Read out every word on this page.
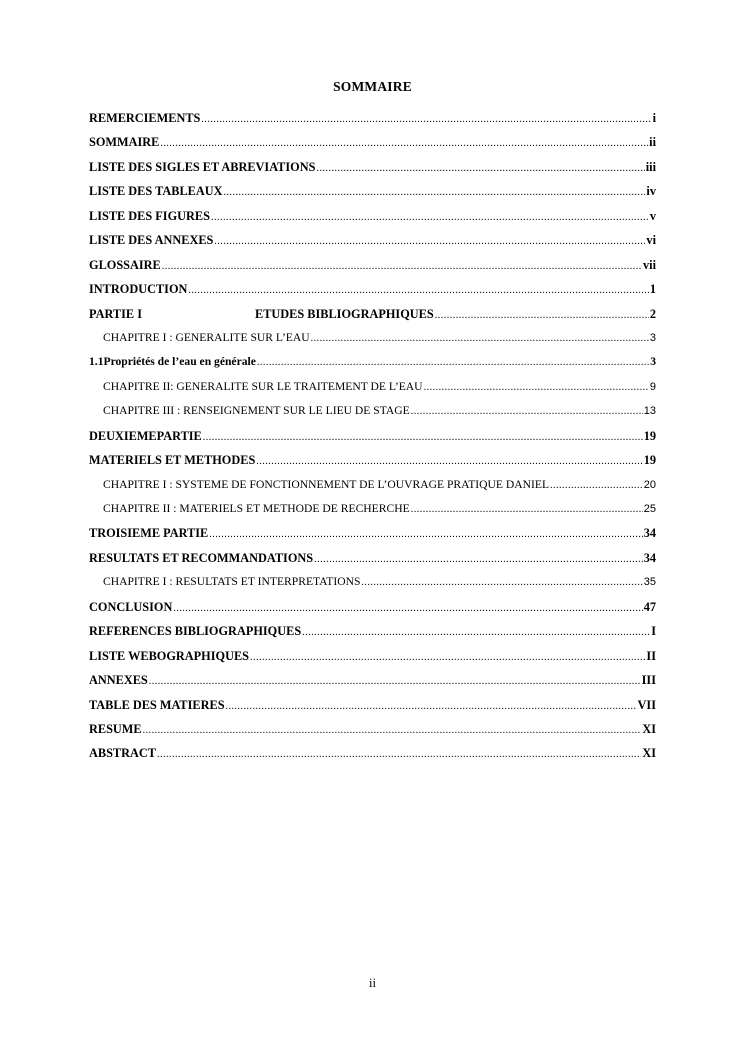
SOMMAIRE
REMERCIEMENTS .....	i
SOMMAIRE .....	ii
LISTE DES SIGLES ET ABREVIATIONS .....	iii
LISTE DES TABLEAUX .....	iv
LISTE DES FIGURES .....	v
LISTE DES ANNEXES .....	vi
GLOSSAIRE .....	vii
INTRODUCTION .....	1
PARTIE I	ETUDES BIBLIOGRAPHIQUES .....	2
CHAPITRE I : GENERALITE SUR L’EAU .....	3
1.1Propriétés de l’eau en générale .....	3
CHAPITRE II: GENERALITE SUR LE TRAITEMENT DE L’EAU .....	9
CHAPITRE III : RENSEIGNEMENT SUR LE LIEU DE STAGE .....	13
DEUXIEMEPARTIE .....	19
MATERIELS ET METHODES .....	19
CHAPITRE I : SYSTEME DE FONCTIONNEMENT DE L’OUVRAGE PRATIQUE DANIEL .....	20
CHAPITRE II : MATERIELS ET METHODE DE RECHERCHE .....	25
TROISIEME PARTIE .....	34
RESULTATS ET RECOMMANDATIONS .....	34
CHAPITRE I : RESULTATS ET INTERPRETATIONS .....	35
CONCLUSION .....	47
REFERENCES BIBLIOGRAPHIQUES .....	I
LISTE WEBOGRAPHIQUES .....	II
ANNEXES .....	III
TABLE DES MATIERES .....	VII
RESUME .....	XI
ABSTRACT .....	XI
ii
